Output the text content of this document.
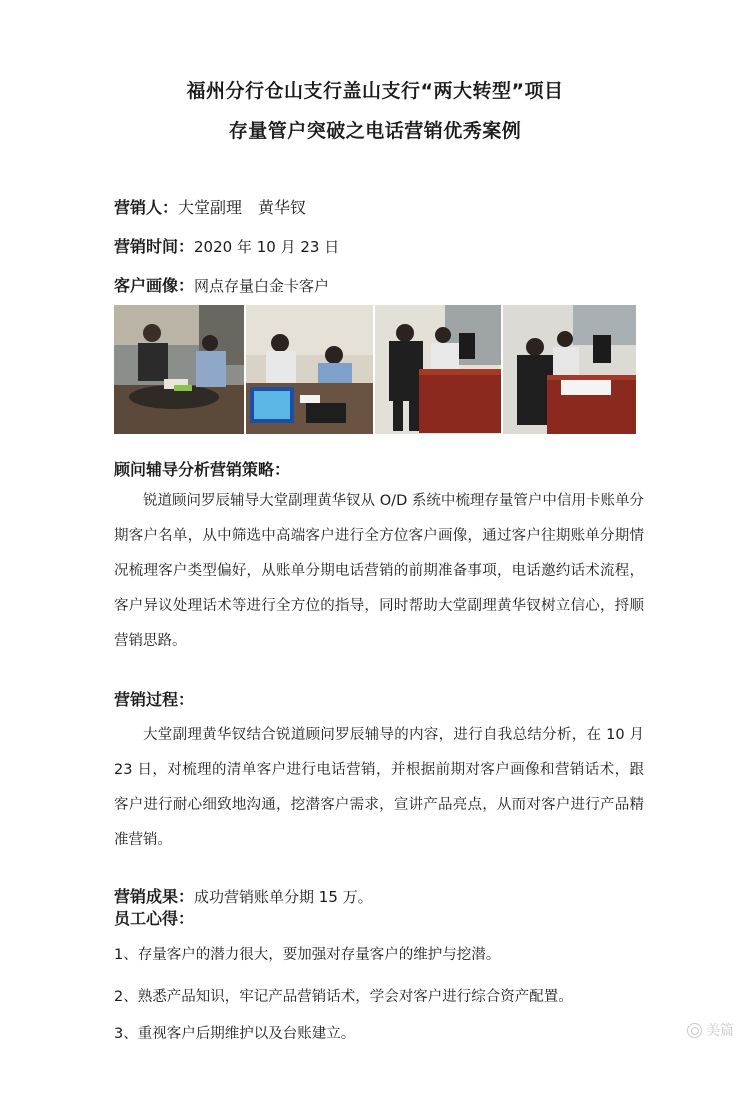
福州分行仓山支行盖山支行“两大转型”项目
存量管户突破之电话营销优秀案例
营销人：大堂副理　黄华钗
营销时间：2020 年 10 月 23 日
客户画像：网点存量白金卡客户
顾问辅导分析营销策略：

锐道顾问罗辰辅导大堂副理黄华钗从 O/D 系统中梳理存量管户中信用卡账单分期客户名单，从中筛选中高端客户进行全方位客户画像，通过客户往期账单分期情况梳理客户类型偏好，从账单分期电话营销的前期准备事项，电话邀约话术流程，客户异议处理话术等进行全方位的指导，同时帮助大堂副理黄华钗树立信心，捋顺营销思路。

营销过程：

大堂副理黄华钗结合锐道顾问罗辰辅导的内容，进行自我总结分析，在 10 月 23 日，对梳理的清单客户进行电话营销，并根据前期对客户画像和营销话术，跟客户进行耐心细致地沟通，挖潜客户需求，宣讲产品亮点，从而对客户进行产品精准营销。

营销成果：成功营销账单分期 15 万。
员工心得：
1、存量客户的潜力很大，要加强对存量客户的维护与挖潜。
2、熟悉产品知识，牢记产品营销话术，学会对客户进行综合资产配置。
3、重视客户后期维护以及台账建立。	美篇
